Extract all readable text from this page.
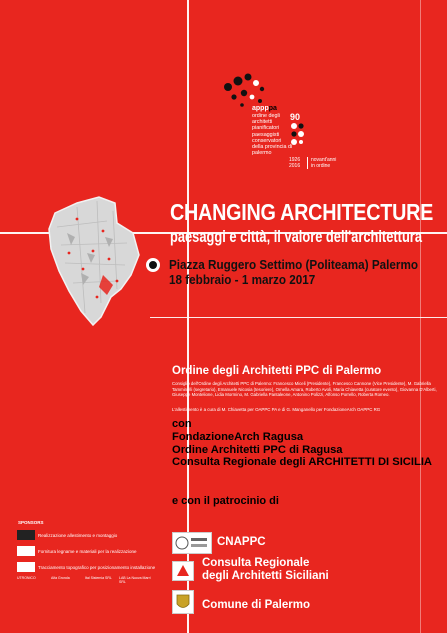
appppa
ordine degli
architetti
pianificatori
paesaggisti
conservatori
della provincia di
palermo
90
1926
2016
novant'anni
in ordine
CHANGING ARCHITECTURE
paesaggi e città, il valore dell'architettura
Piazza Ruggero Settimo (Politeama) Palermo
18 febbraio - 1 marzo 2017
Ordine degli Architetti PPC di Palermo
Consiglio dell'Ordine degli Architetti PPC di Palermo: Francesco Miceli (Presidente), Francesco Cannone (Vice Presidente), M. Gabriella Tamminelli (segretario), Emanuele Nicosia (tesoriere), Ornella Amara, Roberto Avoli, Maria Chiavetta (curatore evento), Giovanna D'Alberti, Giuseppe Montelione, Lidia Mormino, M. Gabriella Pantaleone, Antonino Polizzi, Alfonso Porrello, Roberta Romeo.
L'allestimento è a cura di M. Chiavetta per OAPPC PA e di G. Manganello per FondazioneArch OAPPC RG
con
FondazioneArch Ragusa
Ordine Architetti PPC di Ragusa
Consulta Regionale degli ARCHITETTI DI SICILIA
e con il patrocinio di
CNAPPC
Consulta Regionale
degli Architetti Siciliani
Comune di Palermo
SPONSORS
Realizzazione allestimento e montaggio
Fornitura legname e materiali per la realizzazione
Tracciamento topografico per posizionamento installazione
UTRONICO	Alfa Gronda	Ital Sistemia SRL	LAB La Nuova Marri SRL
